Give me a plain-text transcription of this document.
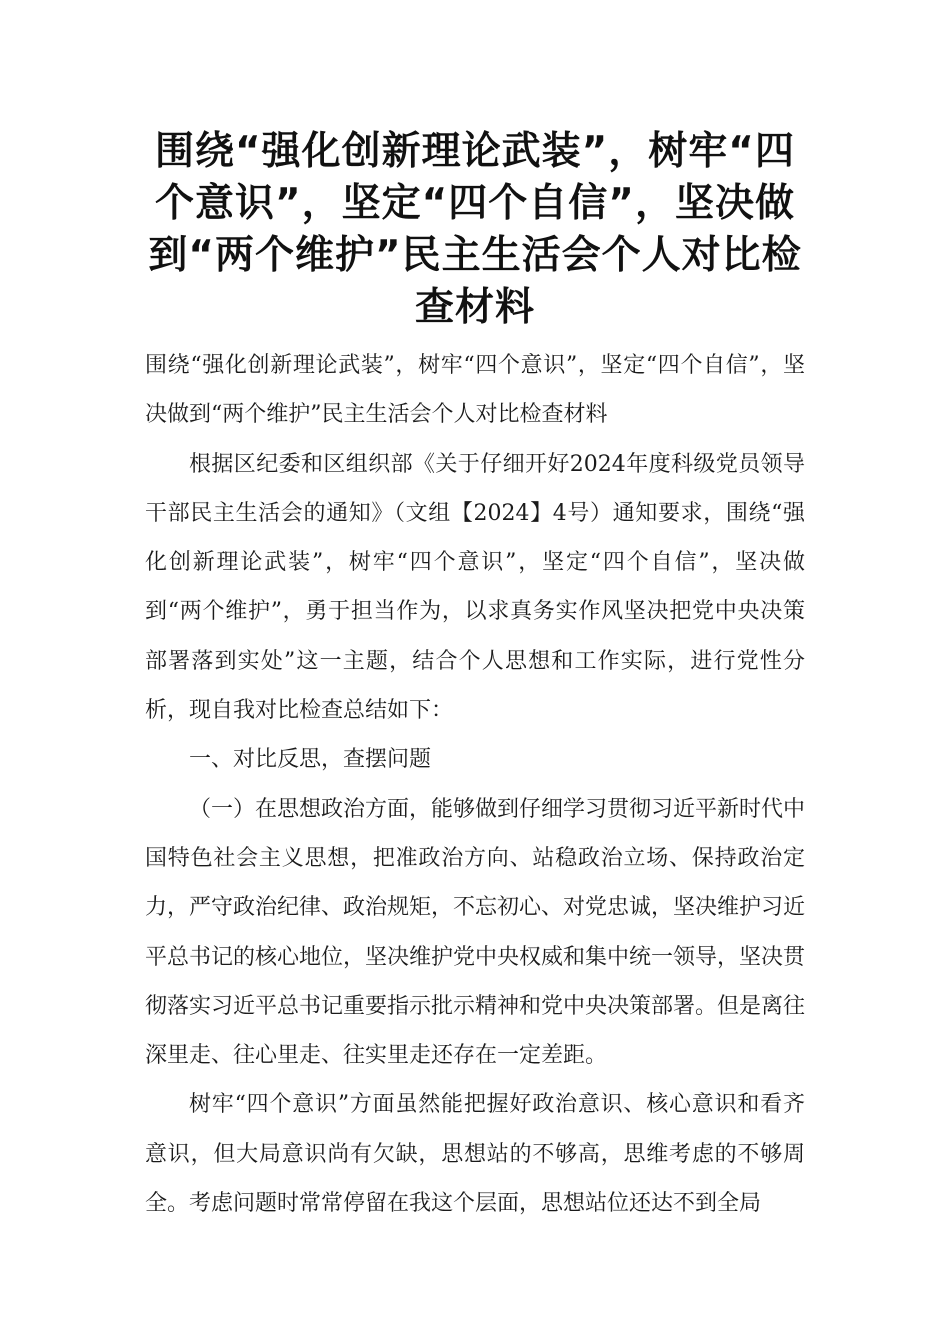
围绕“强化创新理论武装”，树牢“四个意识”，坚定“四个自信”，坚决做到“两个维护”民主生活会个人对比检查材料

围绕“强化创新理论武装”，树牢“四个意识”，坚定“四个自信”，坚决做到“两个维护”民主生活会个人对比检查材料

根据区纪委和区组织部《关于仔细开好2024年度科级党员领导干部民主生活会的通知》（文组【2024】4号）通知要求，围绕“强化创新理论武装”，树牢“四个意识”，坚定“四个自信”，坚决做到“两个维护”，勇于担当作为，以求真务实作风坚决把党中央决策部署落到实处”这一主题，结合个人思想和工作实际，进行党性分析，现自我对比检查总结如下：

一、对比反思，查摆问题

（一）在思想政治方面，能够做到仔细学习贯彻习近平新时代中国特色社会主义思想，把准政治方向、站稳政治立场、保持政治定力，严守政治纪律、政治规矩，不忘初心、对党忠诚，坚决维护习近平总书记的核心地位，坚决维护党中央权威和集中统一领导，坚决贯彻落实习近平总书记重要指示批示精神和党中央决策部署。但是离往深里走、往心里走、往实里走还存在一定差距。

树牢“四个意识”方面虽然能把握好政治意识、核心意识和看齐意识，但大局意识尚有欠缺，思想站的不够高，思维考虑的不够周全。考虑问题时常常停留在我这个层面，思想站位还达不到全局
